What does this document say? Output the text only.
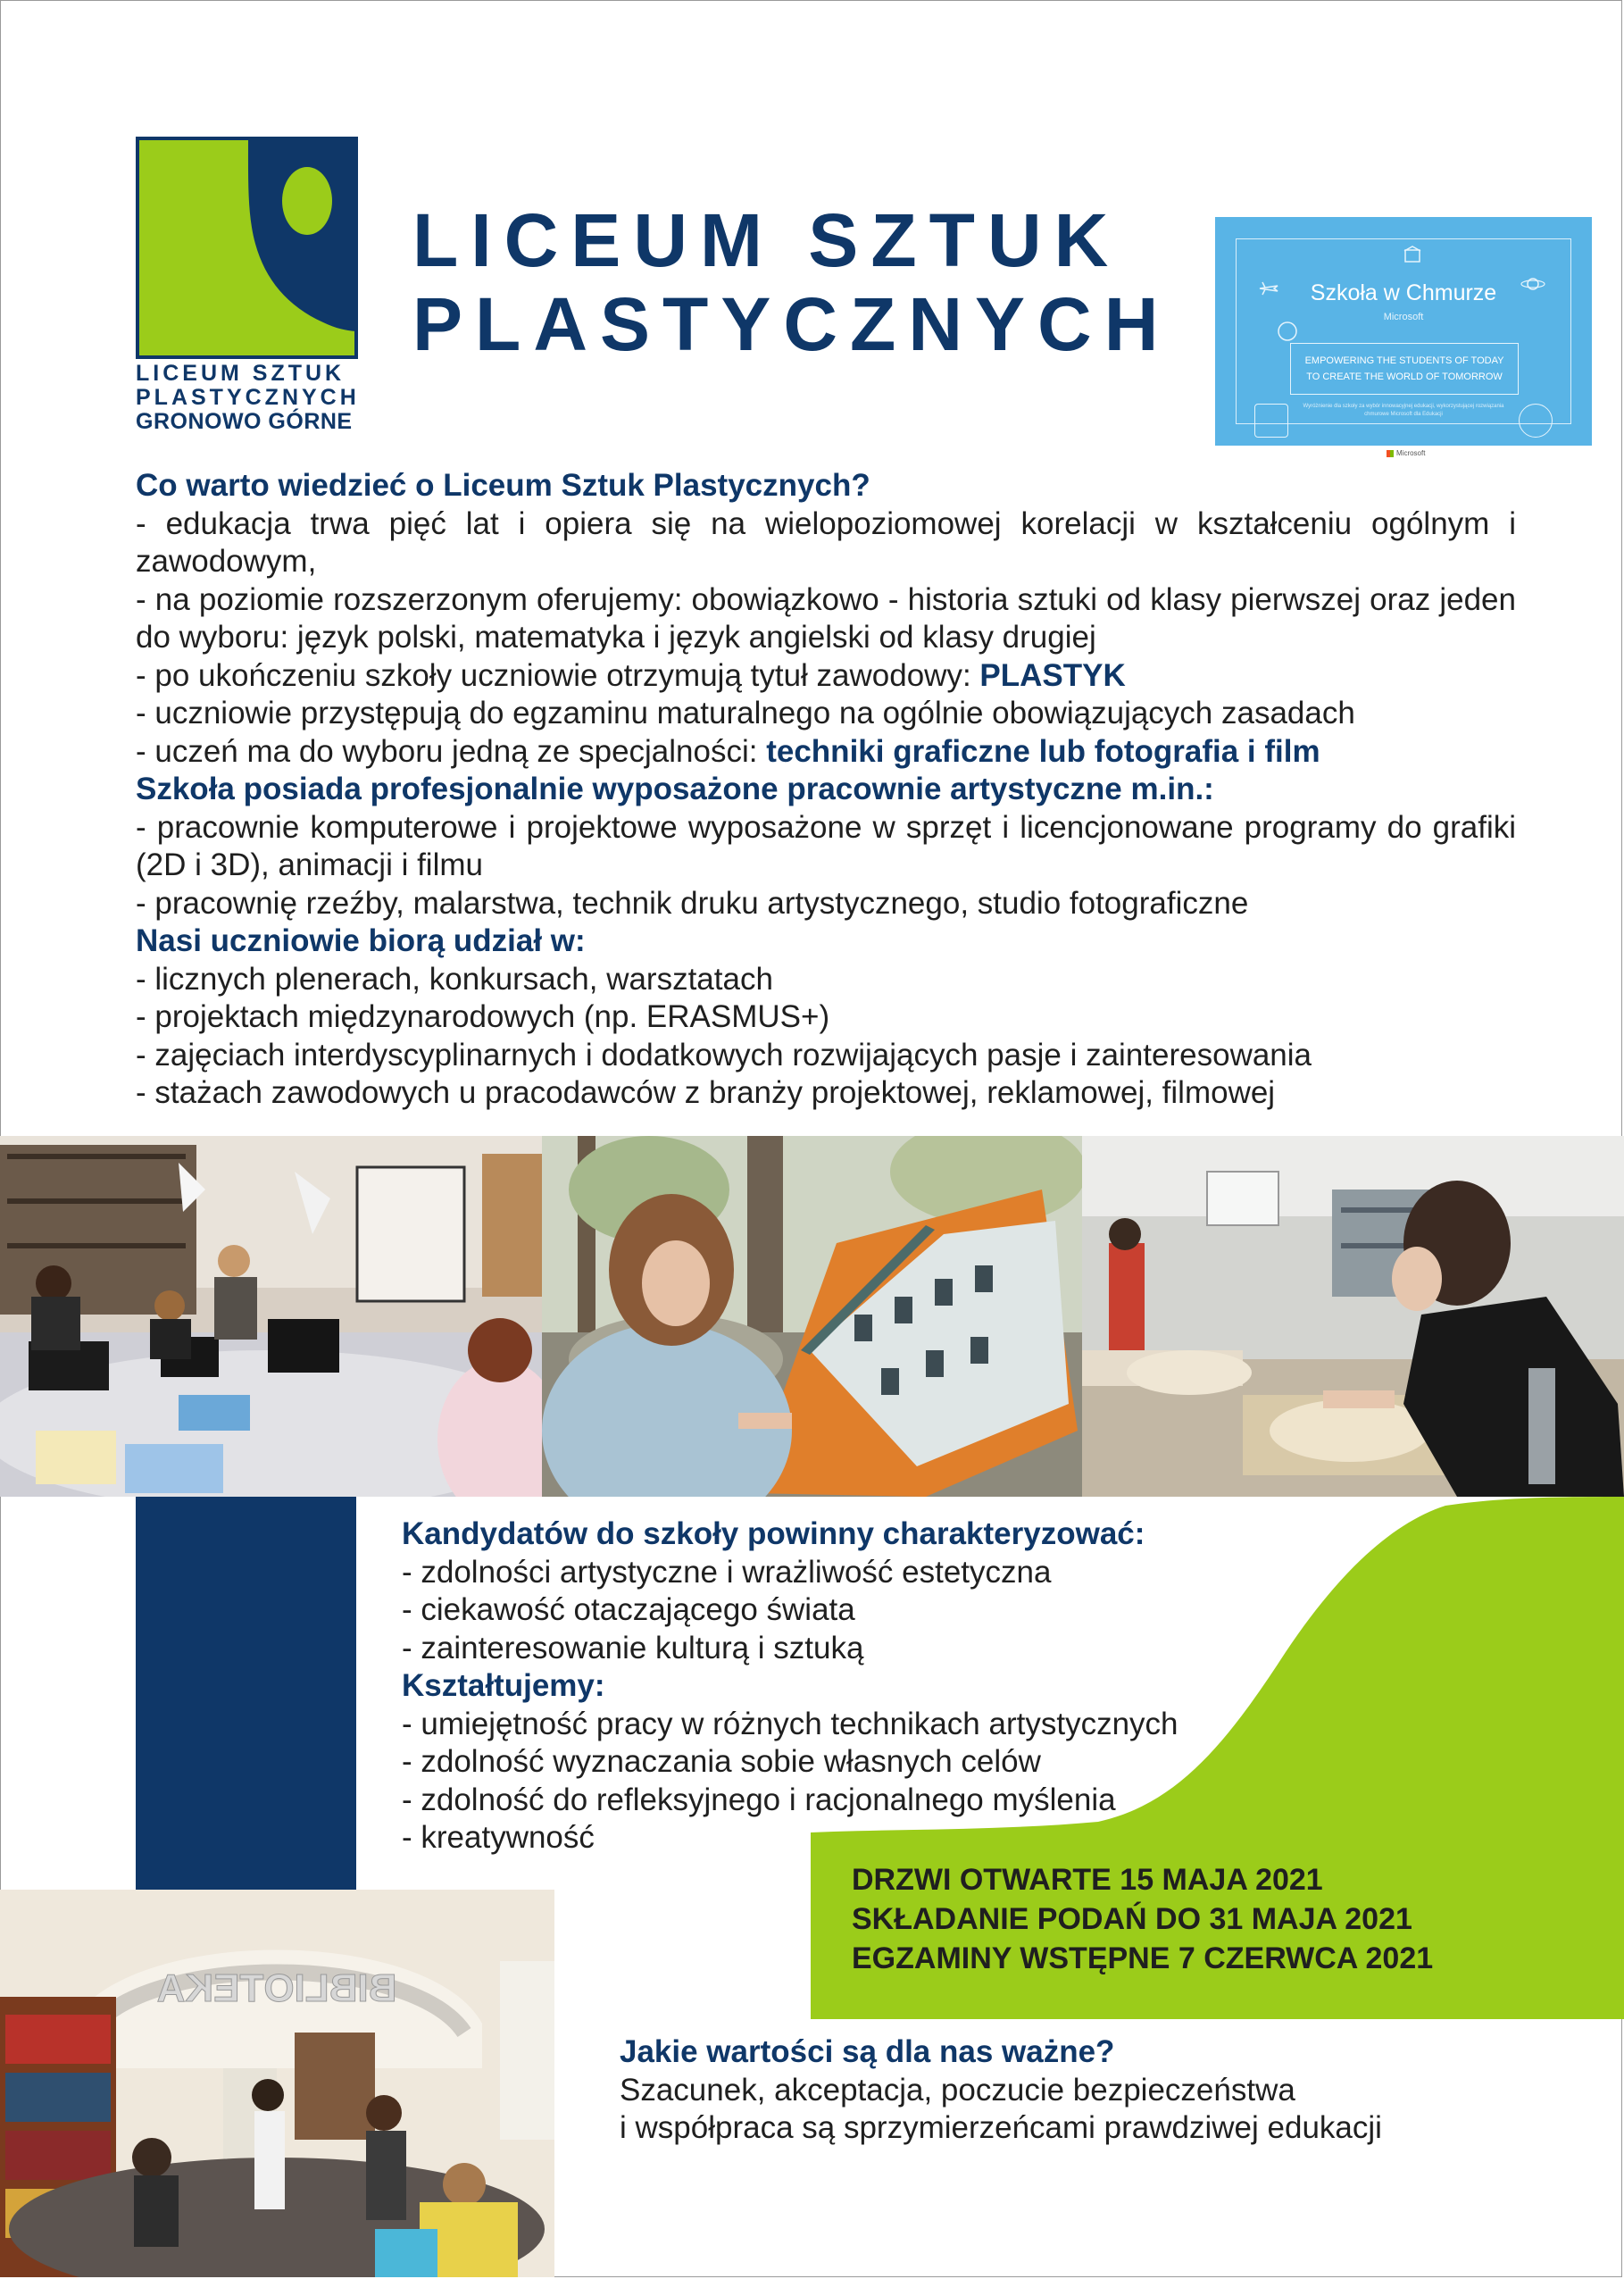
LICEUM SZTUK
PLASTYCZNYCH
GRONOWO GÓRNE
LICEUM SZTUK
PLASTYCZNYCH	Szkoła w Chmurze
Microsoft
EMPOWERING THE STUDENTS OF TODAY
TO CREATE THE WORLD OF TOMORROW
Wyróżnienie dla szkoły za wybór innowacyjnej edukacji, wykorzystującej rozwiązania chmurowe Microsoft dla Edukacji
Microsoft

Co warto wiedzieć o Liceum Sztuk Plastycznych?

- edukacja trwa pięć lat i opiera się na wielopoziomowej korelacji w kształceniu ogólnym i zawodowym,

- na poziomie rozszerzonym oferujemy: obowiązkowo - historia sztuki od klasy pierwszej oraz jeden do wyboru: język polski, matematyka i język angielski od klasy drugiej

- po ukończeniu szkoły uczniowie otrzymują tytuł zawodowy: PLASTYK

- uczniowie przystępują do egzaminu maturalnego na ogólnie obowiązujących zasadach

- uczeń ma do wyboru jedną ze specjalności: techniki graficzne lub fotografia i film

Szkoła posiada profesjonalnie wyposażone pracownie artystyczne m.in.:

- pracownie komputerowe i projektowe wyposażone w sprzęt i licencjonowane programy do grafiki (2D i 3D), animacji i filmu

- pracownię rzeźby, malarstwa, technik druku artystycznego, studio fotograficzne

Nasi uczniowie biorą udział w:

- licznych plenerach, konkursach, warsztatach

- projektach międzynarodowych (np. ERASMUS+)

- zajęciach interdyscyplinarnych i dodatkowych rozwijających pasje i zainteresowania

- stażach zawodowych u pracodawców z branży projektowej, reklamowej, filmowej

Kandydatów do szkoły powinny charakteryzować:

- zdolności artystyczne i wrażliwość estetyczna

- ciekawość otaczającego świata

- zainteresowanie kulturą i sztuką

Kształtujemy:

- umiejętność pracy w różnych technikach artystycznych

- zdolność wyznaczania sobie własnych celów

- zdolność do refleksyjnego i racjonalnego myślenia

- kreatywność

DRZWI OTWARTE 15 MAJA 2021

SKŁADANIE PODAŃ DO 31 MAJA 2021

EGZAMINY WSTĘPNE 7 CZERWCA 2021

BIBLIOTEKA

Jakie wartości są dla nas ważne?

Szacunek, akceptacja, poczucie bezpieczeństwa

i współpraca są sprzymierzeńcami prawdziwej edukacji
